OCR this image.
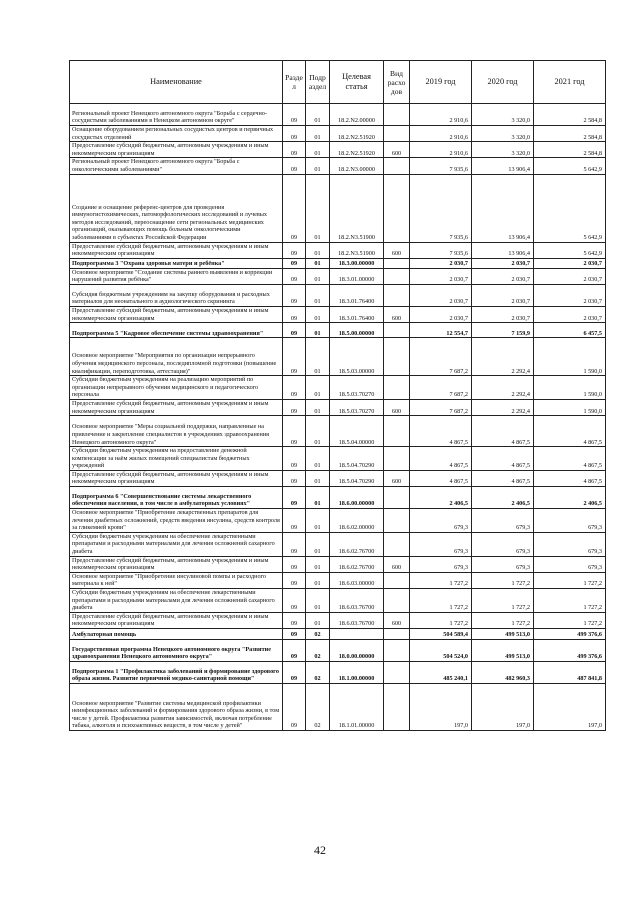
Наименование	Разде л	Подр аздел	Целевая статья	Вид расхо дов	2019 год	2020 год	2021 год
Региональный проект Ненецкого автономного округа "Борьба с сердечно-сосудистыми заболеваниями в Ненецком автономном округе"	09	01	18.2.N2.00000		2 910,6	3 320,0	2 584,8
Оснащение оборудованием региональных сосудистых центров и первичных сосудистых отделений	09	01	18.2.N2.51920		2 910,6	3 320,0	2 584,8
Предоставление субсидий бюджетным, автономным учреждениям и иным некоммерческим организациям	09	01	18.2.N2.51920	600	2 910,6	3 320,0	2 584,8
Региональный проект Ненецкого автономного округа "Борьба с онкологическими заболеваниями"	09	01	18.2.N3.00000		7 935,6	13 906,4	5 642,9
Создание и оснащение референс-центров для проведения иммуногистохимических, патоморфологических исследований и лучевых методов исследований, переоснащение сети региональных медицинских организаций, оказывающих помощь больным онкологическими заболеваниями в субъектах Российской Федерации	09	01	18.2.N3.51900		7 935,6	13 906,4	5 642,9
Предоставление субсидий бюджетным, автономным учреждениям и иным некоммерческим организациям	09	01	18.2.N3.51900	600	7 935,6	13 906,4	5 642,9
Подпрограмма 3 "Охрана здоровья матери и ребёнка"	09	01	18.3.00.00000		2 030,7	2 030,7	2 030,7
Основное мероприятие "Создание системы раннего выявления и коррекции нарушений развития ребёнка"	09	01	18.3.01.00000		2 030,7	2 030,7	2 030,7
Субсидия бюджетным учреждениям на закупку оборудования и расходных материалов для неонатального и аудиологического скрининга	09	01	18.3.01.76400		2 030,7	2 030,7	2 030,7
Предоставление субсидий бюджетным, автономным учреждениям и иным некоммерческим организациям	09	01	18.3.01.76400	600	2 030,7	2 030,7	2 030,7
Подпрограмма 5 "Кадровое обеспечение системы здравоохранения"	09	01	18.5.00.00000		12 554,7	7 159,9	6 457,5
Основное мероприятие "Мероприятия по организации непрерывного обучения медицинского персонала, последипломной подготовки (повышение квалификации, переподготовка, аттестация)"	09	01	18.5.03.00000		7 687,2	2 292,4	1 590,0
Субсидии бюджетным учреждениям на реализацию мероприятий по организации непрерывного обучения медицинского и педагогического персонала	09	01	18.5.03.70270		7 687,2	2 292,4	1 590,0
Предоставление субсидий бюджетным, автономным учреждениям и иным некоммерческим организациям	09	01	18.5.03.70270	600	7 687,2	2 292,4	1 590,0
Основное мероприятие "Меры социальной поддержки, направленные на привлечение и закрепление специалистов в учреждениях здравоохранения Ненецкого автономного округа"	09	01	18.5.04.00000		4 867,5	4 867,5	4 867,5
Субсидии бюджетным учреждениям на предоставление денежной компенсации за наём жилых помещений специалистам бюджетных учреждений	09	01	18.5.04.70290		4 867,5	4 867,5	4 867,5
Предоставление субсидий бюджетным, автономным учреждениям и иным некоммерческим организациям	09	01	18.5.04.70290	600	4 867,5	4 867,5	4 867,5
Подпрограмма 6 "Совершенствование системы лекарственного обеспечения населения, в том числе в амбулаторных условиях"	09	01	18.6.00.00000		2 406,5	2 406,5	2 406,5
Основное мероприятие "Приобретение лекарственных препаратов для лечения диабетных осложнений, средств введения инсулина, средств контроля за гликемией крови"	09	01	18.6.02.00000		679,3	679,3	679,3
Субсидии бюджетным учреждениям на обеспечение лекарственными препаратами и расходными материалами для лечения осложнений сахарного диабета	09	01	18.6.02.76700		679,3	679,3	679,3
Предоставление субсидий бюджетным, автономным учреждениям и иным некоммерческим организациям	09	01	18.6.02.76700	600	679,3	679,3	679,3
Основное мероприятие "Приобретение инсулиновой помпы и расходного материала к ней"	09	01	18.6.03.00000		1 727,2	1 727,2	1 727,2
Субсидии бюджетным учреждениям на обеспечение лекарственными препаратами и расходными материалами для лечения осложнений сахарного диабета	09	01	18.6.03.76700		1 727,2	1 727,2	1 727,2
Предоставление субсидий бюджетным, автономным учреждениям и иным некоммерческим организациям	09	01	18.6.03.76700	600	1 727,2	1 727,2	1 727,2
Амбулаторная помощь	09	02			504 589,4	499 513,0	499 376,6
Государственная программа Ненецкого автономного округа "Развитие здравоохранения Ненецкого автономного округа"	09	02	18.0.00.00000		504 524,0	499 513,0	499 376,6
Подпрограмма 1 "Профилактика заболеваний и формирование здорового образа жизни. Развитие первичной медико-санитарной помощи"	09	02	18.1.00.00000		485 240,1	482 960,3	487 841,8
Основное мероприятие "Развитие системы медицинской профилактики неинфекционных заболеваний и формирования здорового образа жизни, в том числе у детей. Профилактика развития зависимостей, включая потребление табака, алкоголя и психоактивных веществ, в том числе у детей"	09	02	18.1.01.00000		197,0	197,0	197,0
42
